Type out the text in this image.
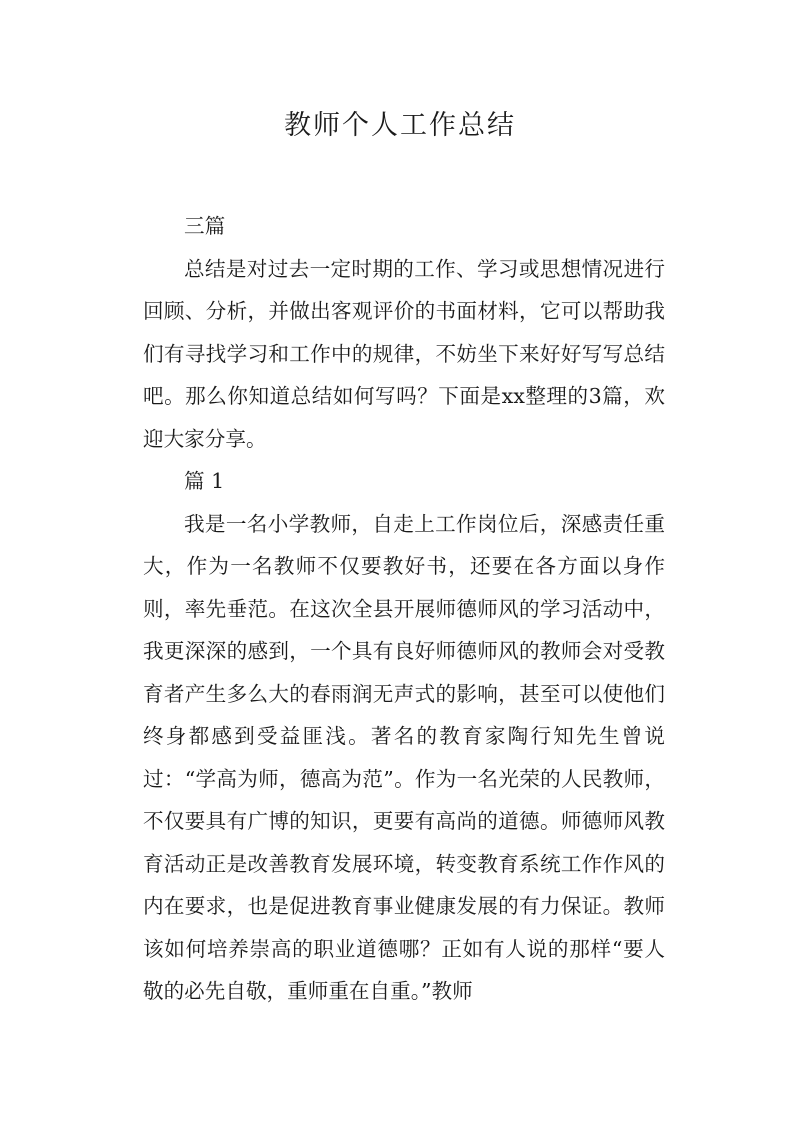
教师个人工作总结

三篇

总结是对过去一定时期的工作、学习或思想情况进行回顾、分析，并做出客观评价的书面材料，它可以帮助我们有寻找学习和工作中的规律，不妨坐下来好好写写总结吧。那么你知道总结如何写吗？下面是xx整理的3篇，欢迎大家分享。

篇 1

我是一名小学教师，自走上工作岗位后，深感责任重大，作为一名教师不仅要教好书，还要在各方面以身作则，率先垂范。在这次全县开展师德师风的学习活动中，我更深深的感到，一个具有良好师德师风的教师会对受教育者产生多么大的春雨润无声式的影响，甚至可以使他们终身都感到受益匪浅。著名的教育家陶行知先生曾说过：“学高为师，德高为范”。作为一名光荣的人民教师，不仅要具有广博的知识，更要有高尚的道德。师德师风教育活动正是改善教育发展环境，转变教育系统工作作风的内在要求，也是促进教育事业健康发展的有力保证。教师该如何培养崇高的职业道德哪？正如有人说的那样“要人敬的必先自敬，重师重在自重。”教师
